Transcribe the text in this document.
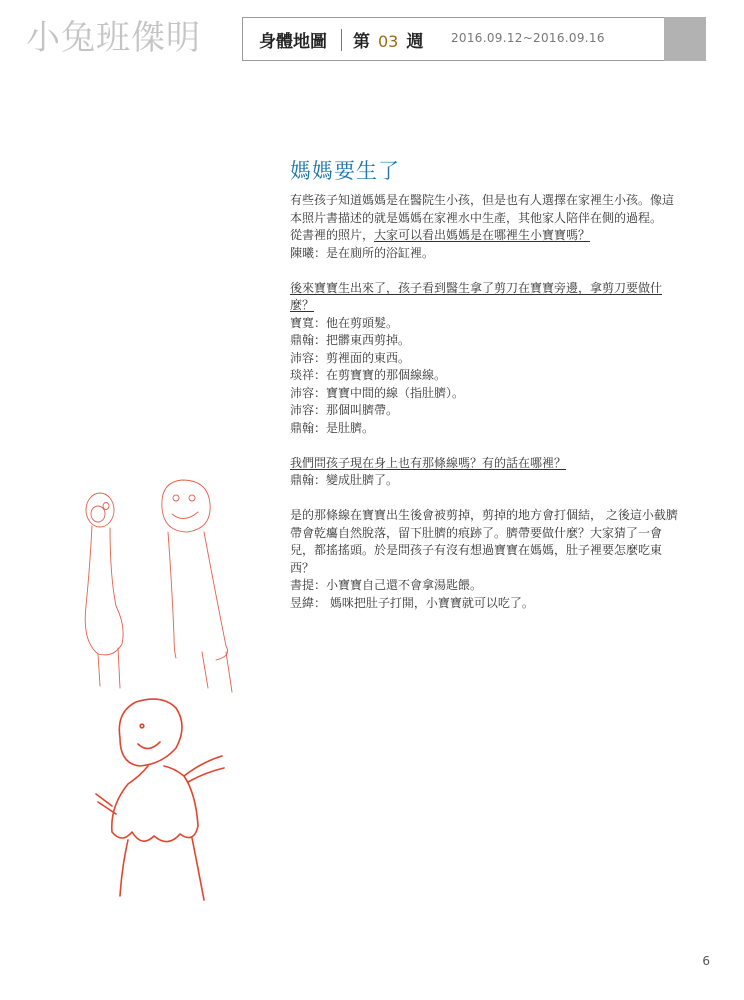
小兔班傑明	身體地圖 第 03 週 2016.09.12~2016.09.16
媽媽要生了

有些孩子知道媽媽是在醫院生小孩，但是也有人選擇在家裡生小孩。像這本照片書描述的就是媽媽在家裡水中生產，其他家人陪伴在側的過程。

從書裡的照片，大家可以看出媽媽是在哪裡生小寶寶嗎？

陳曦：是在廁所的浴缸裡。

後來寶寶生出來了，孩子看到醫生拿了剪刀在寶寶旁邊，拿剪刀要做什麼？

寶寬：他在剪頭髮。

鼎翰：把髒東西剪掉。

沛容：剪裡面的東西。

琰祥：在剪寶寶的那個線線。

沛容：寶寶中間的線（指肚臍）。

沛容：那個叫臍帶。

鼎翰：是肚臍。

我們問孩子現在身上也有那條線嗎？有的話在哪裡？

鼎翰：變成肚臍了。

是的那條線在寶寶出生後會被剪掉，剪掉的地方會打個結， 之後這小截臍帶會乾癟自然脫落，留下肚臍的痕跡了。臍帶要做什麼？大家猜了一會兒，都搖搖頭。於是問孩子有沒有想過寶寶在媽媽，肚子裡要怎麼吃東西？

書提：小寶寶自己還不會拿湯匙餵。

昱緯： 媽咪把肚子打開，小寶寶就可以吃了。

6
